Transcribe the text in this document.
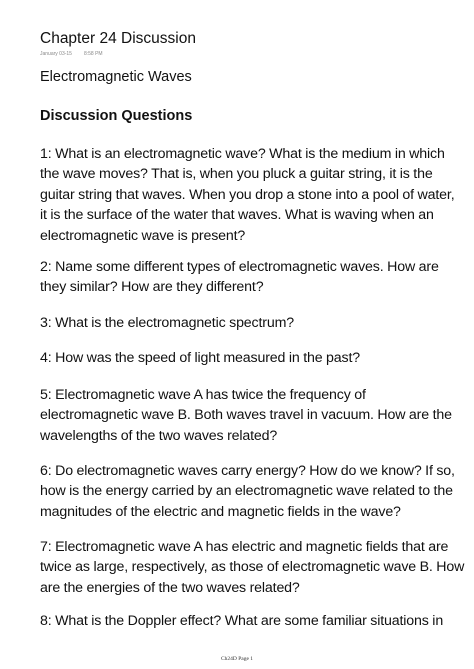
Chapter 24 Discussion
January 03-15 8:58 PM
Electromagnetic Waves
Discussion Questions
1: What is an electromagnetic wave? What is the medium in which
the wave moves? That is, when you pluck a guitar string, it is the
guitar string that waves. When you drop a stone into a pool of water,
it is the surface of the water that waves. What is waving when an
electromagnetic wave is present?
2: Name some different types of electromagnetic waves. How are
they similar? How are they different?
3: What is the electromagnetic spectrum?
4: How was the speed of light measured in the past?
5: Electromagnetic wave A has twice the frequency of
electromagnetic wave B. Both waves travel in vacuum. How are the
wavelengths of the two waves related?
6: Do electromagnetic waves carry energy? How do we know? If so,
how is the energy carried by an electromagnetic wave related to the
magnitudes of the electric and magnetic fields in the wave?
7: Electromagnetic wave A has electric and magnetic fields that are
twice as large, respectively, as those of electromagnetic wave B. How
are the energies of the two waves related?
8: What is the Doppler effect? What are some familiar situations in
Ch24D Page 1
